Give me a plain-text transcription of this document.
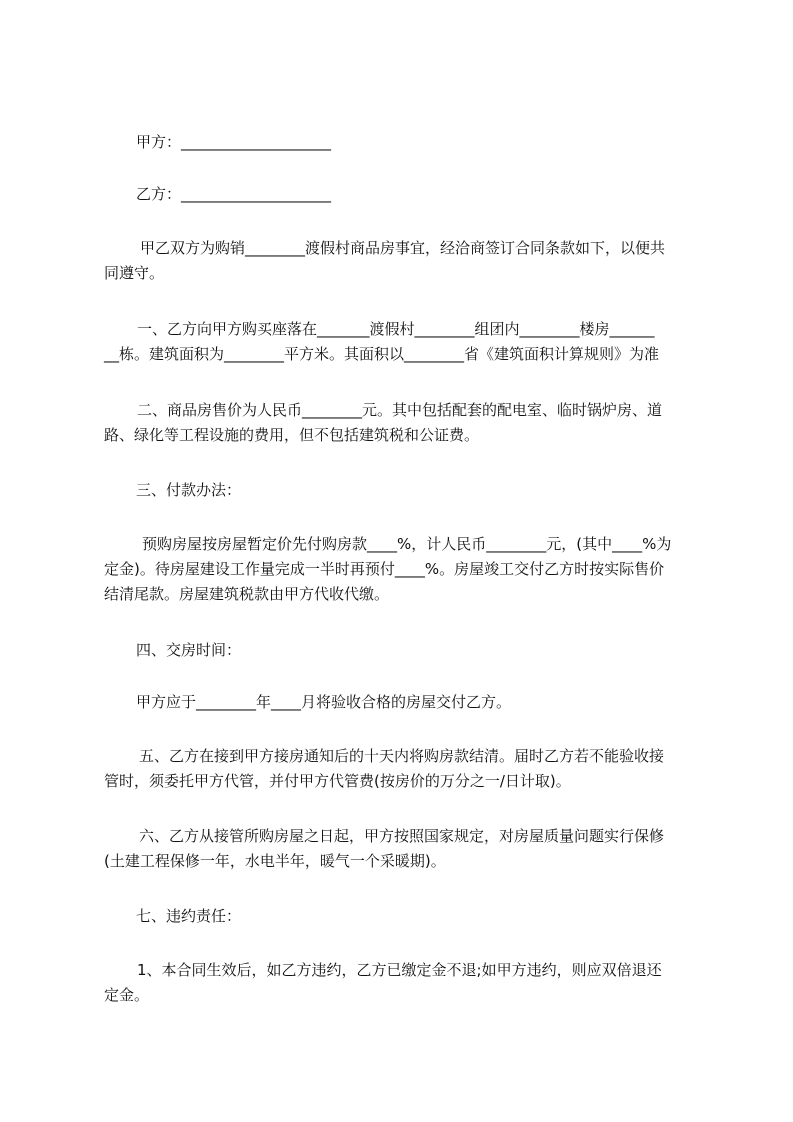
甲方：____________________
乙方：____________________
甲乙双方为购销________渡假村商品房事宜，经洽商签订合同条款如下，以便共
同遵守。
一、乙方向甲方购买座落在_______渡假村________组团内________楼房______
__栋。建筑面积为________平方米。其面积以________省《建筑面积计算规则》为准
二、商品房售价为人民币________元。其中包括配套的配电室、临时锅炉房、道
路、绿化等工程设施的费用，但不包括建筑税和公证费。
三、付款办法：
预购房屋按房屋暂定价先付购房款____%，计人民币________元，(其中____%为
定金)。待房屋建设工作量完成一半时再预付____%。房屋竣工交付乙方时按实际售价
结清尾款。房屋建筑税款由甲方代收代缴。
四、交房时间：
甲方应于________年____月将验收合格的房屋交付乙方。
五、乙方在接到甲方接房通知后的十天内将购房款结清。届时乙方若不能验收接
管时，须委托甲方代管，并付甲方代管费(按房价的万分之一/日计取)。
六、乙方从接管所购房屋之日起，甲方按照国家规定，对房屋质量问题实行保修
(土建工程保修一年，水电半年，暖气一个采暖期)。
七、违约责任：
1、本合同生效后，如乙方违约，乙方已缴定金不退;如甲方违约，则应双倍退还
定金。
